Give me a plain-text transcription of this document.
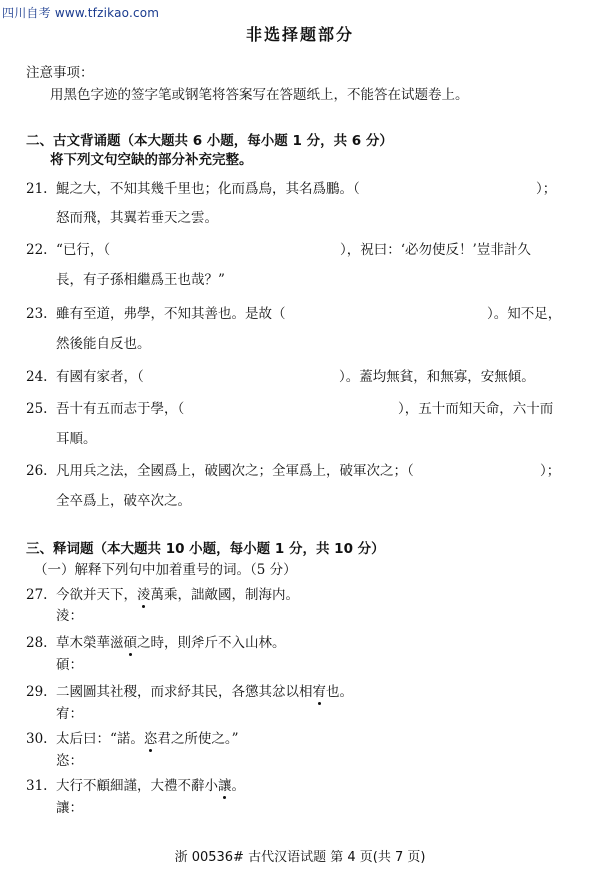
四川自考 www.tfzikao.com
非选择题部分
注意事项：
用黑色字迹的签字笔或钢笔将答案写在答题纸上，不能答在试题卷上。
二、古文背诵题（本大题共 6 小题，每小题 1 分，共 6 分）
将下列文句空缺的部分补充完整。
21. 鯤之大，不知其幾千里也；化而爲鳥，其名爲鵬。（	）；
怒而飛，其翼若垂天之雲。
22. “已行，（	），祝曰：‘必勿使反！’豈非計久
長，有子孫相繼爲王也哉？”
23. 雖有至道，弗學，不知其善也。是故（	）。知不足，
然後能自反也。
24. 有國有家者，（	）。蓋均無貧，和無寡，安無傾。
25. 吾十有五而志于學，（	），五十而知天命，六十而
耳順。
26. 凡用兵之法，全國爲上，破國次之；全軍爲上，破軍次之；（	）；
全卒爲上，破卒次之。
三、释词题（本大题共 10 小题，每小题 1 分，共 10 分）
（一）解释下列句中加着重号的词。（5 分）
27. 今欲并天下，淩萬乘，詘敵國，制海内。
淩：
28. 草木榮華滋碩之時，則斧斤不入山林。
碩：
29. 二國圖其社稷，而求紓其民，各懲其忿以相宥也。
宥：
30. 太后曰：“諾。恣君之所使之。”
恣：
31. 大行不顧細謹，大禮不辭小讓。
讓：
浙 00536# 古代汉语试题 第 4 页(共 7 页)
